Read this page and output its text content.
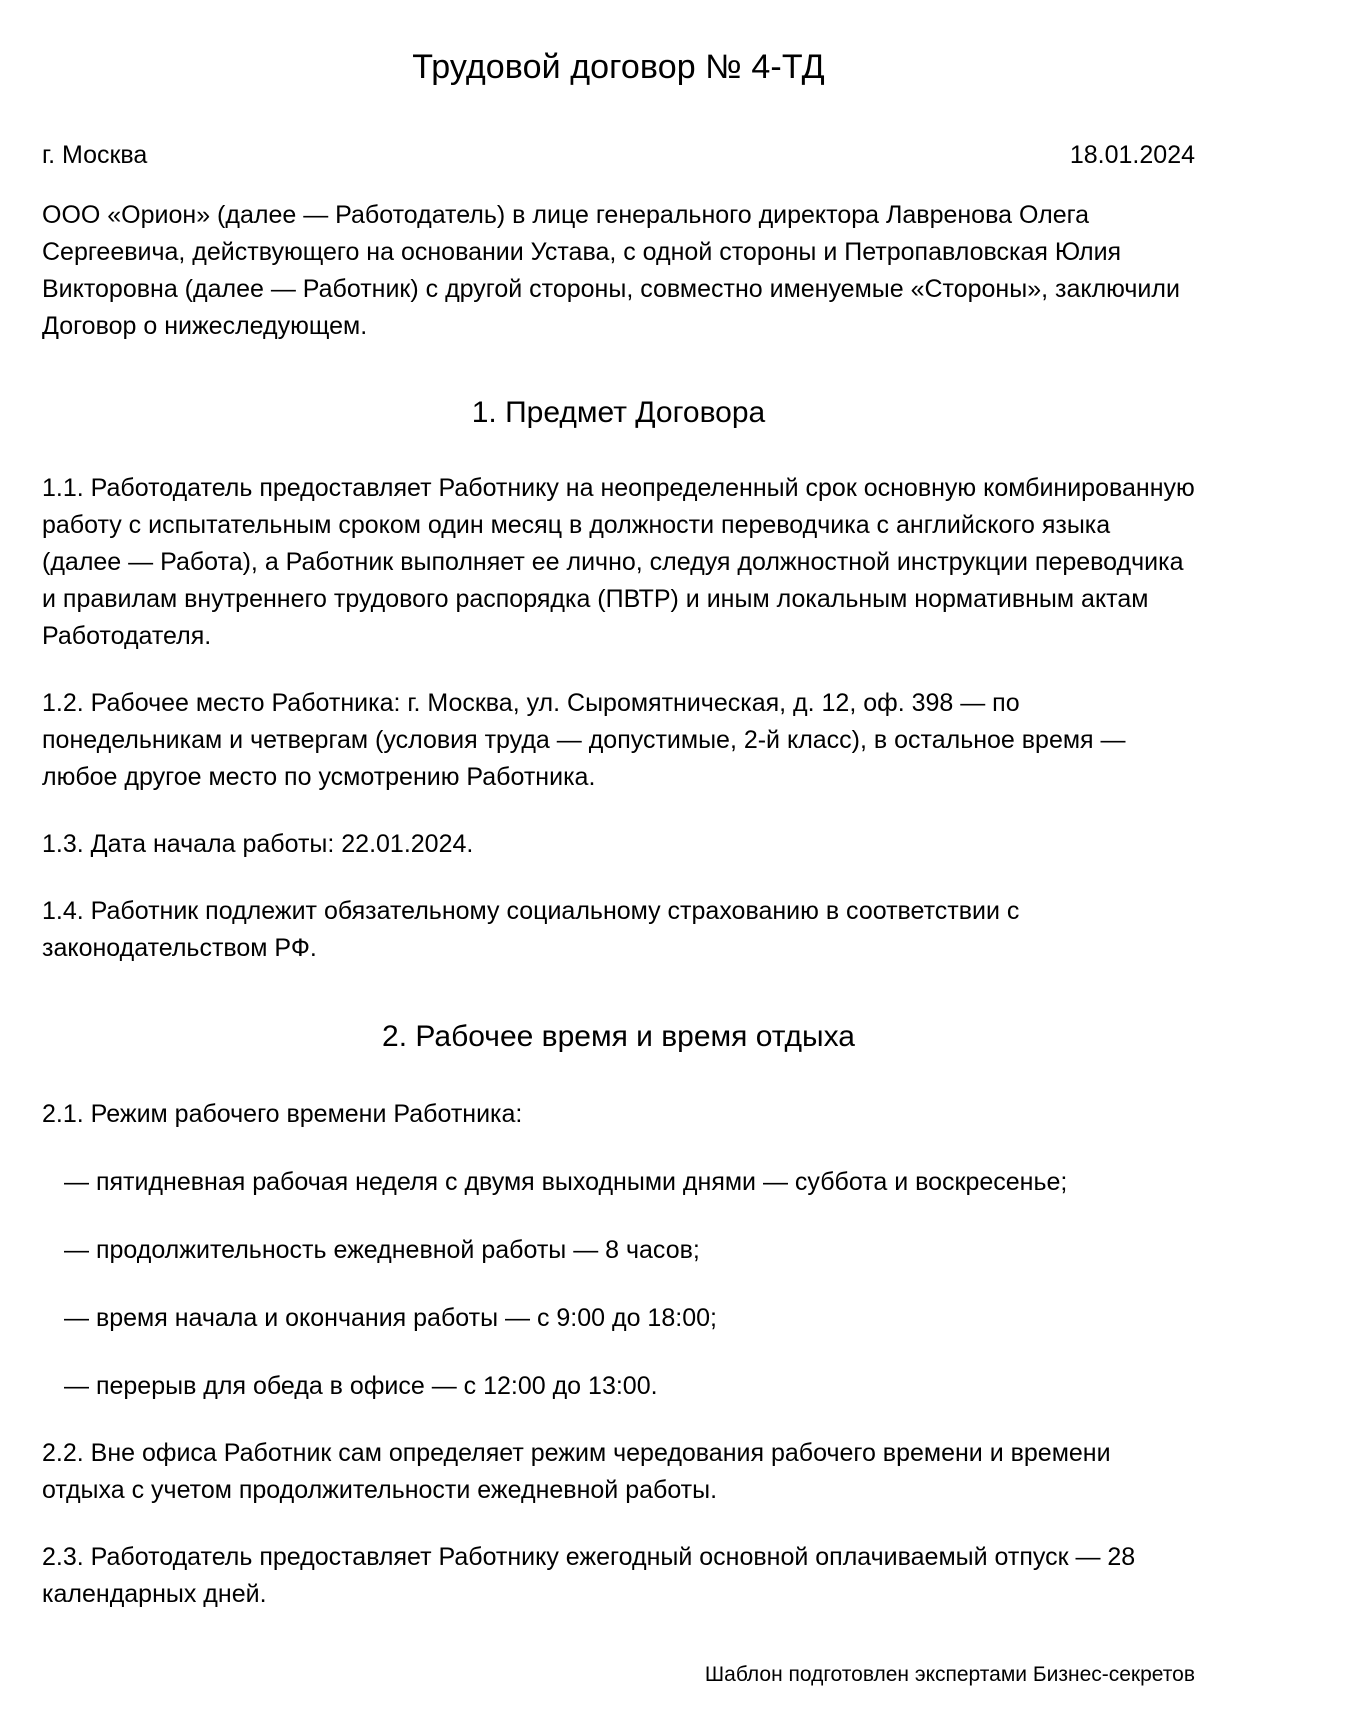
Трудовой договор № 4-ТД
г. Москва	18.01.2024

ООО «Орион» (далее — Работодатель) в лице генерального директора Лавренова Олега Сергеевича, действующего на основании Устава, с одной стороны и Петропавловская Юлия Викторовна (далее — Работник) с другой стороны, совместно именуемые «Стороны», заключили Договор о нижеследующем.

1. Предмет Договора

1.1. Работодатель предоставляет Работнику на неопределенный срок основную комбинированную работу с испытательным сроком один месяц в должности переводчика с английского языка (далее — Работа), а Работник выполняет ее лично, следуя должностной инструкции переводчика и правилам внутреннего трудового распорядка (ПВТР) и иным локальным нормативным актам Работодателя.

1.2. Рабочее место Работника: г. Москва, ул. Сыромятническая, д. 12, оф. 398 — по понедельникам и четвергам (условия труда — допустимые, 2-й класс), в остальное время — любое другое место по усмотрению Работника.

1.3. Дата начала работы: 22.01.2024.

1.4. Работник подлежит обязательному социальному страхованию в соответствии с законодательством РФ.

2. Рабочее время и время отдыха

2.1. Режим рабочего времени Работника:

— пятидневная рабочая неделя с двумя выходными днями — суббота и воскресенье;
— продолжительность ежедневной работы — 8 часов;
— время начала и окончания работы — с 9:00 до 18:00;
— перерыв для обеда в офисе — с 12:00 до 13:00.

2.2. Вне офиса Работник сам определяет режим чередования рабочего времени и времени отдыха с учетом продолжительности ежедневной работы.

2.3. Работодатель предоставляет Работнику ежегодный основной оплачиваемый отпуск — 28 календарных дней.

Шаблон подготовлен экспертами Бизнес-секретов
